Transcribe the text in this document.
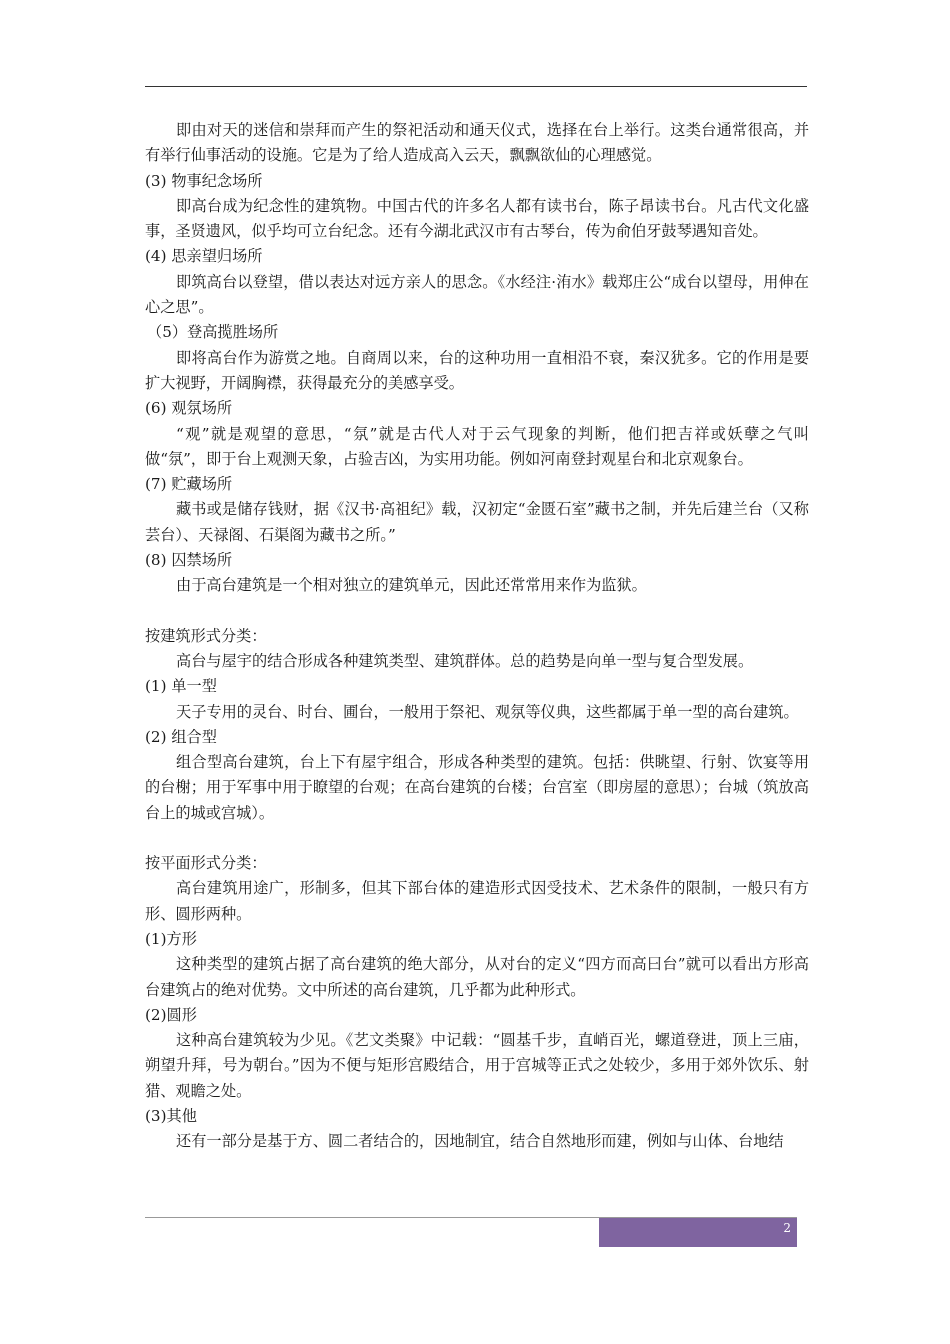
即由对天的迷信和崇拜而产生的祭祀活动和通天仪式，选择在台上举行。这类台通常很高，并有举行仙事活动的设施。它是为了给人造成高入云天，飘飘欲仙的心理感觉。

(3) 物事纪念场所

即高台成为纪念性的建筑物。中国古代的许多名人都有读书台，陈子昂读书台。凡古代文化盛事，圣贤遗风，似乎均可立台纪念。还有今湖北武汉市有古琴台，传为俞伯牙鼓琴遇知音处。

(4) 思亲望归场所

即筑高台以登望，借以表达对远方亲人的思念。《水经注·洧水》载郑庄公“成台以望母，用伸在心之思”。

（5）登高揽胜场所

即将高台作为游赏之地。自商周以来，台的这种功用一直相沿不衰，秦汉犹多。它的作用是要扩大视野，开阔胸襟，获得最充分的美感享受。

(6) 观氛场所

“观”就是观望的意思，“氛”就是古代人对于云气现象的判断，他们把吉祥或妖孽之气叫做“氛”，即于台上观测天象，占验吉凶，为实用功能。例如河南登封观星台和北京观象台。

(7) 贮藏场所

藏书或是储存钱财，据《汉书·高祖纪》载，汉初定“金匮石室”藏书之制，并先后建兰台（又称芸台）、天禄阁、石渠阁为藏书之所。”

(8) 囚禁场所

由于高台建筑是一个相对独立的建筑单元，因此还常常用来作为监狱。

按建筑形式分类：

高台与屋宇的结合形成各种建筑类型、建筑群体。总的趋势是向单一型与复合型发展。

(1) 单一型

天子专用的灵台、时台、圃台，一般用于祭祀、观氛等仪典，这些都属于单一型的高台建筑。

(2) 组合型

组合型高台建筑，台上下有屋宇组合，形成各种类型的建筑。包括：供眺望、行射、饮宴等用的台榭；用于军事中用于瞭望的台观；在高台建筑的台楼；台宫室（即房屋的意思）；台城（筑放高台上的城或宫城）。

按平面形式分类：

高台建筑用途广，形制多，但其下部台体的建造形式因受技术、艺术条件的限制，一般只有方形、圆形两种。

(1)方形

这种类型的建筑占据了高台建筑的绝大部分，从对台的定义“四方而高曰台”就可以看出方形高台建筑占的绝对优势。文中所述的高台建筑，几乎都为此种形式。

(2)圆形

这种高台建筑较为少见。《艺文类聚》中记载：“圆基千步，直峭百光，螺道登进，顶上三庙，朔望升拜，号为朝台。”因为不便与矩形宫殿结合，用于宫城等正式之处较少，多用于郊外饮乐、射猎、观瞻之处。

(3)其他

还有一部分是基于方、圆二者结合的，因地制宜，结合自然地形而建，例如与山体、台地结

2
